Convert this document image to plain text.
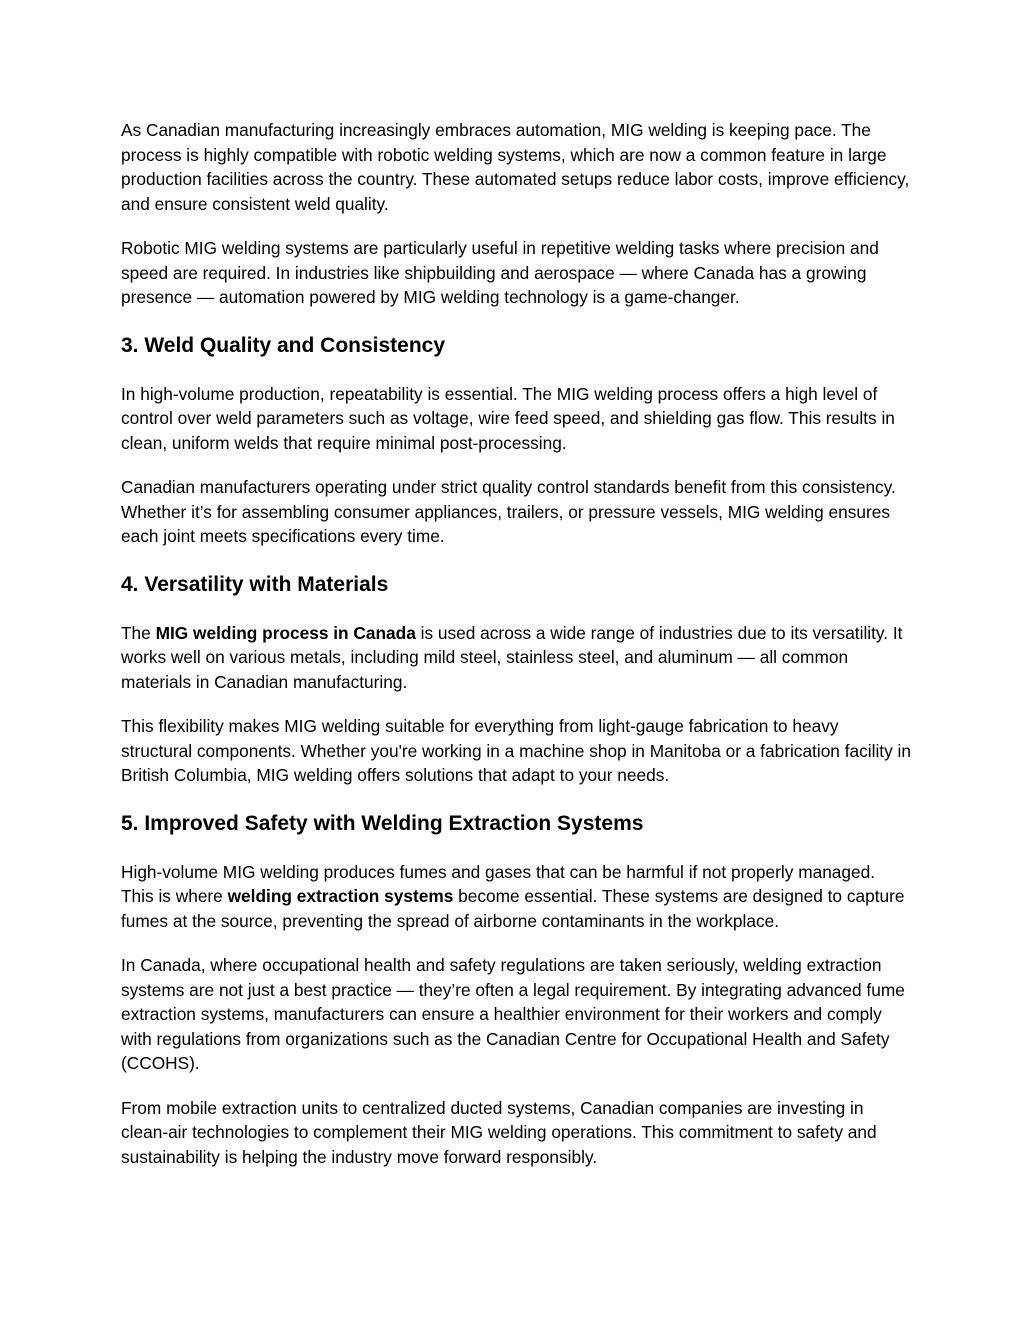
As Canadian manufacturing increasingly embraces automation, MIG welding is keeping pace. The process is highly compatible with robotic welding systems, which are now a common feature in large production facilities across the country. These automated setups reduce labor costs, improve efficiency, and ensure consistent weld quality.

Robotic MIG welding systems are particularly useful in repetitive welding tasks where precision and speed are required. In industries like shipbuilding and aerospace — where Canada has a growing presence — automation powered by MIG welding technology is a game-changer.

3. Weld Quality and Consistency

In high-volume production, repeatability is essential. The MIG welding process offers a high level of control over weld parameters such as voltage, wire feed speed, and shielding gas flow. This results in clean, uniform welds that require minimal post-processing.

Canadian manufacturers operating under strict quality control standards benefit from this consistency. Whether it’s for assembling consumer appliances, trailers, or pressure vessels, MIG welding ensures each joint meets specifications every time.

4. Versatility with Materials

The MIG welding process in Canada is used across a wide range of industries due to its versatility. It works well on various metals, including mild steel, stainless steel, and aluminum — all common materials in Canadian manufacturing.

This flexibility makes MIG welding suitable for everything from light-gauge fabrication to heavy structural components. Whether you're working in a machine shop in Manitoba or a fabrication facility in British Columbia, MIG welding offers solutions that adapt to your needs.

5. Improved Safety with Welding Extraction Systems

High-volume MIG welding produces fumes and gases that can be harmful if not properly managed. This is where welding extraction systems become essential. These systems are designed to capture fumes at the source, preventing the spread of airborne contaminants in the workplace.

In Canada, where occupational health and safety regulations are taken seriously, welding extraction systems are not just a best practice — they’re often a legal requirement. By integrating advanced fume extraction systems, manufacturers can ensure a healthier environment for their workers and comply with regulations from organizations such as the Canadian Centre for Occupational Health and Safety (CCOHS).

From mobile extraction units to centralized ducted systems, Canadian companies are investing in clean-air technologies to complement their MIG welding operations. This commitment to safety and sustainability is helping the industry move forward responsibly.
